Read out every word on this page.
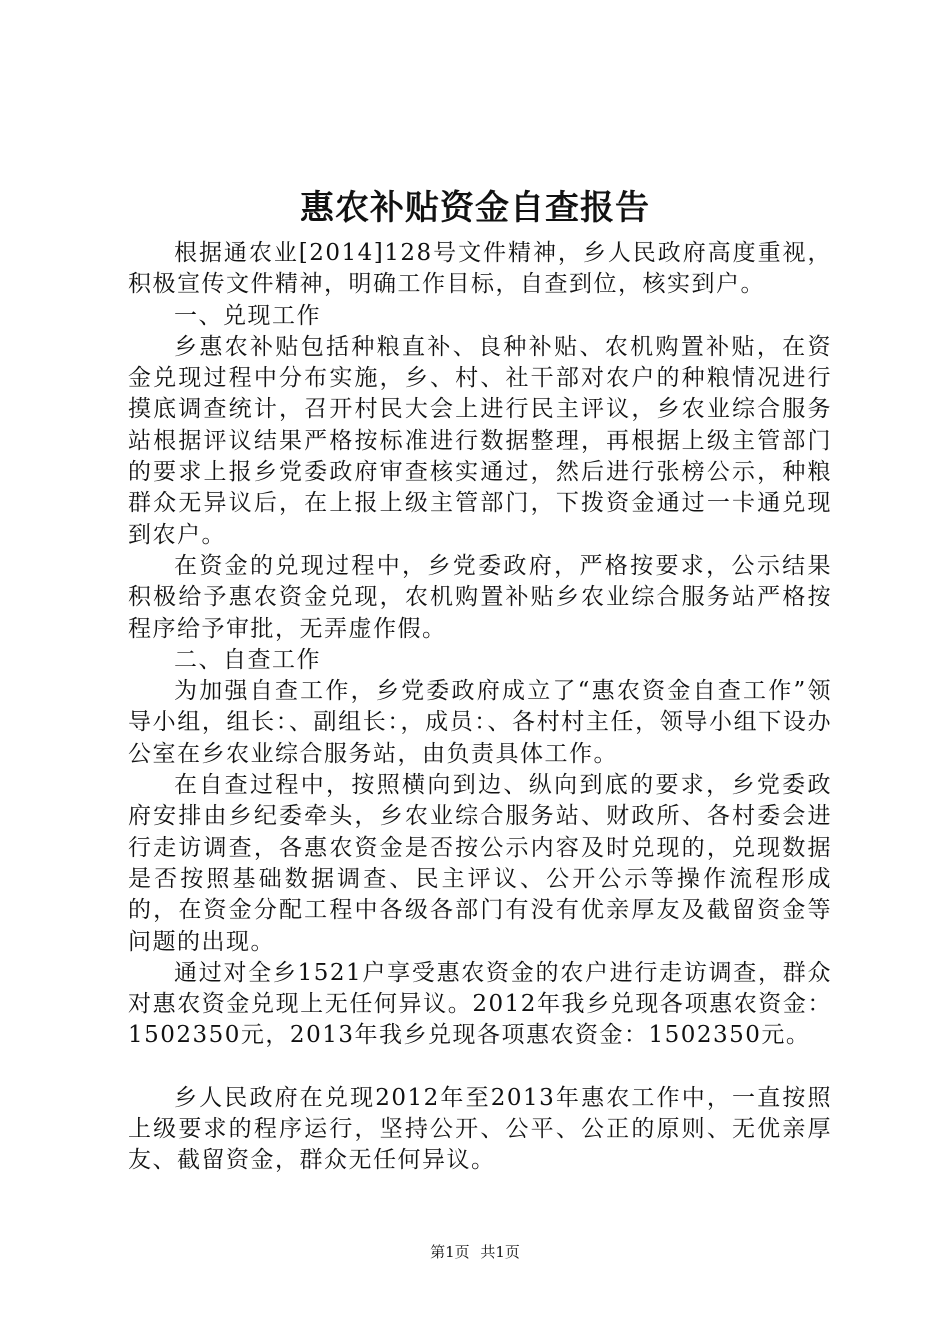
惠农补贴资金自查报告

根据通农业[2014]128号文件精神，乡人民政府高度重视，积极宣传文件精神，明确工作目标，自查到位，核实到户。

一、兑现工作

乡惠农补贴包括种粮直补、良种补贴、农机购置补贴，在资金兑现过程中分布实施，乡、村、社干部对农户的种粮情况进行摸底调查统计，召开村民大会上进行民主评议，乡农业综合服务站根据评议结果严格按标准进行数据整理，再根据上级主管部门的要求上报乡党委政府审查核实通过，然后进行张榜公示，种粮群众无异议后，在上报上级主管部门，下拨资金通过一卡通兑现到农户。

在资金的兑现过程中，乡党委政府，严格按要求，公示结果积极给予惠农资金兑现，农机购置补贴乡农业综合服务站严格按程序给予审批，无弄虚作假。

二、自查工作

为加强自查工作，乡党委政府成立了“惠农资金自查工作”领导小组，组长：、副组长：，成员：、各村村主任，领导小组下设办公室在乡农业综合服务站，由负责具体工作。

在自查过程中，按照横向到边、纵向到底的要求，乡党委政府安排由乡纪委牵头，乡农业综合服务站、财政所、各村委会进行走访调查，各惠农资金是否按公示内容及时兑现的，兑现数据是否按照基础数据调查、民主评议、公开公示等操作流程形成的，在资金分配工程中各级各部门有没有优亲厚友及截留资金等问题的出现。

通过对全乡1521户享受惠农资金的农户进行走访调查，群众对惠农资金兑现上无任何异议。2012年我乡兑现各项惠农资金：1502350元，2013年我乡兑现各项惠农资金：1502350元。

乡人民政府在兑现2012年至2013年惠农工作中，一直按照上级要求的程序运行，坚持公开、公平、公正的原则、无优亲厚友、截留资金，群众无任何异议。

第1页 共1页
